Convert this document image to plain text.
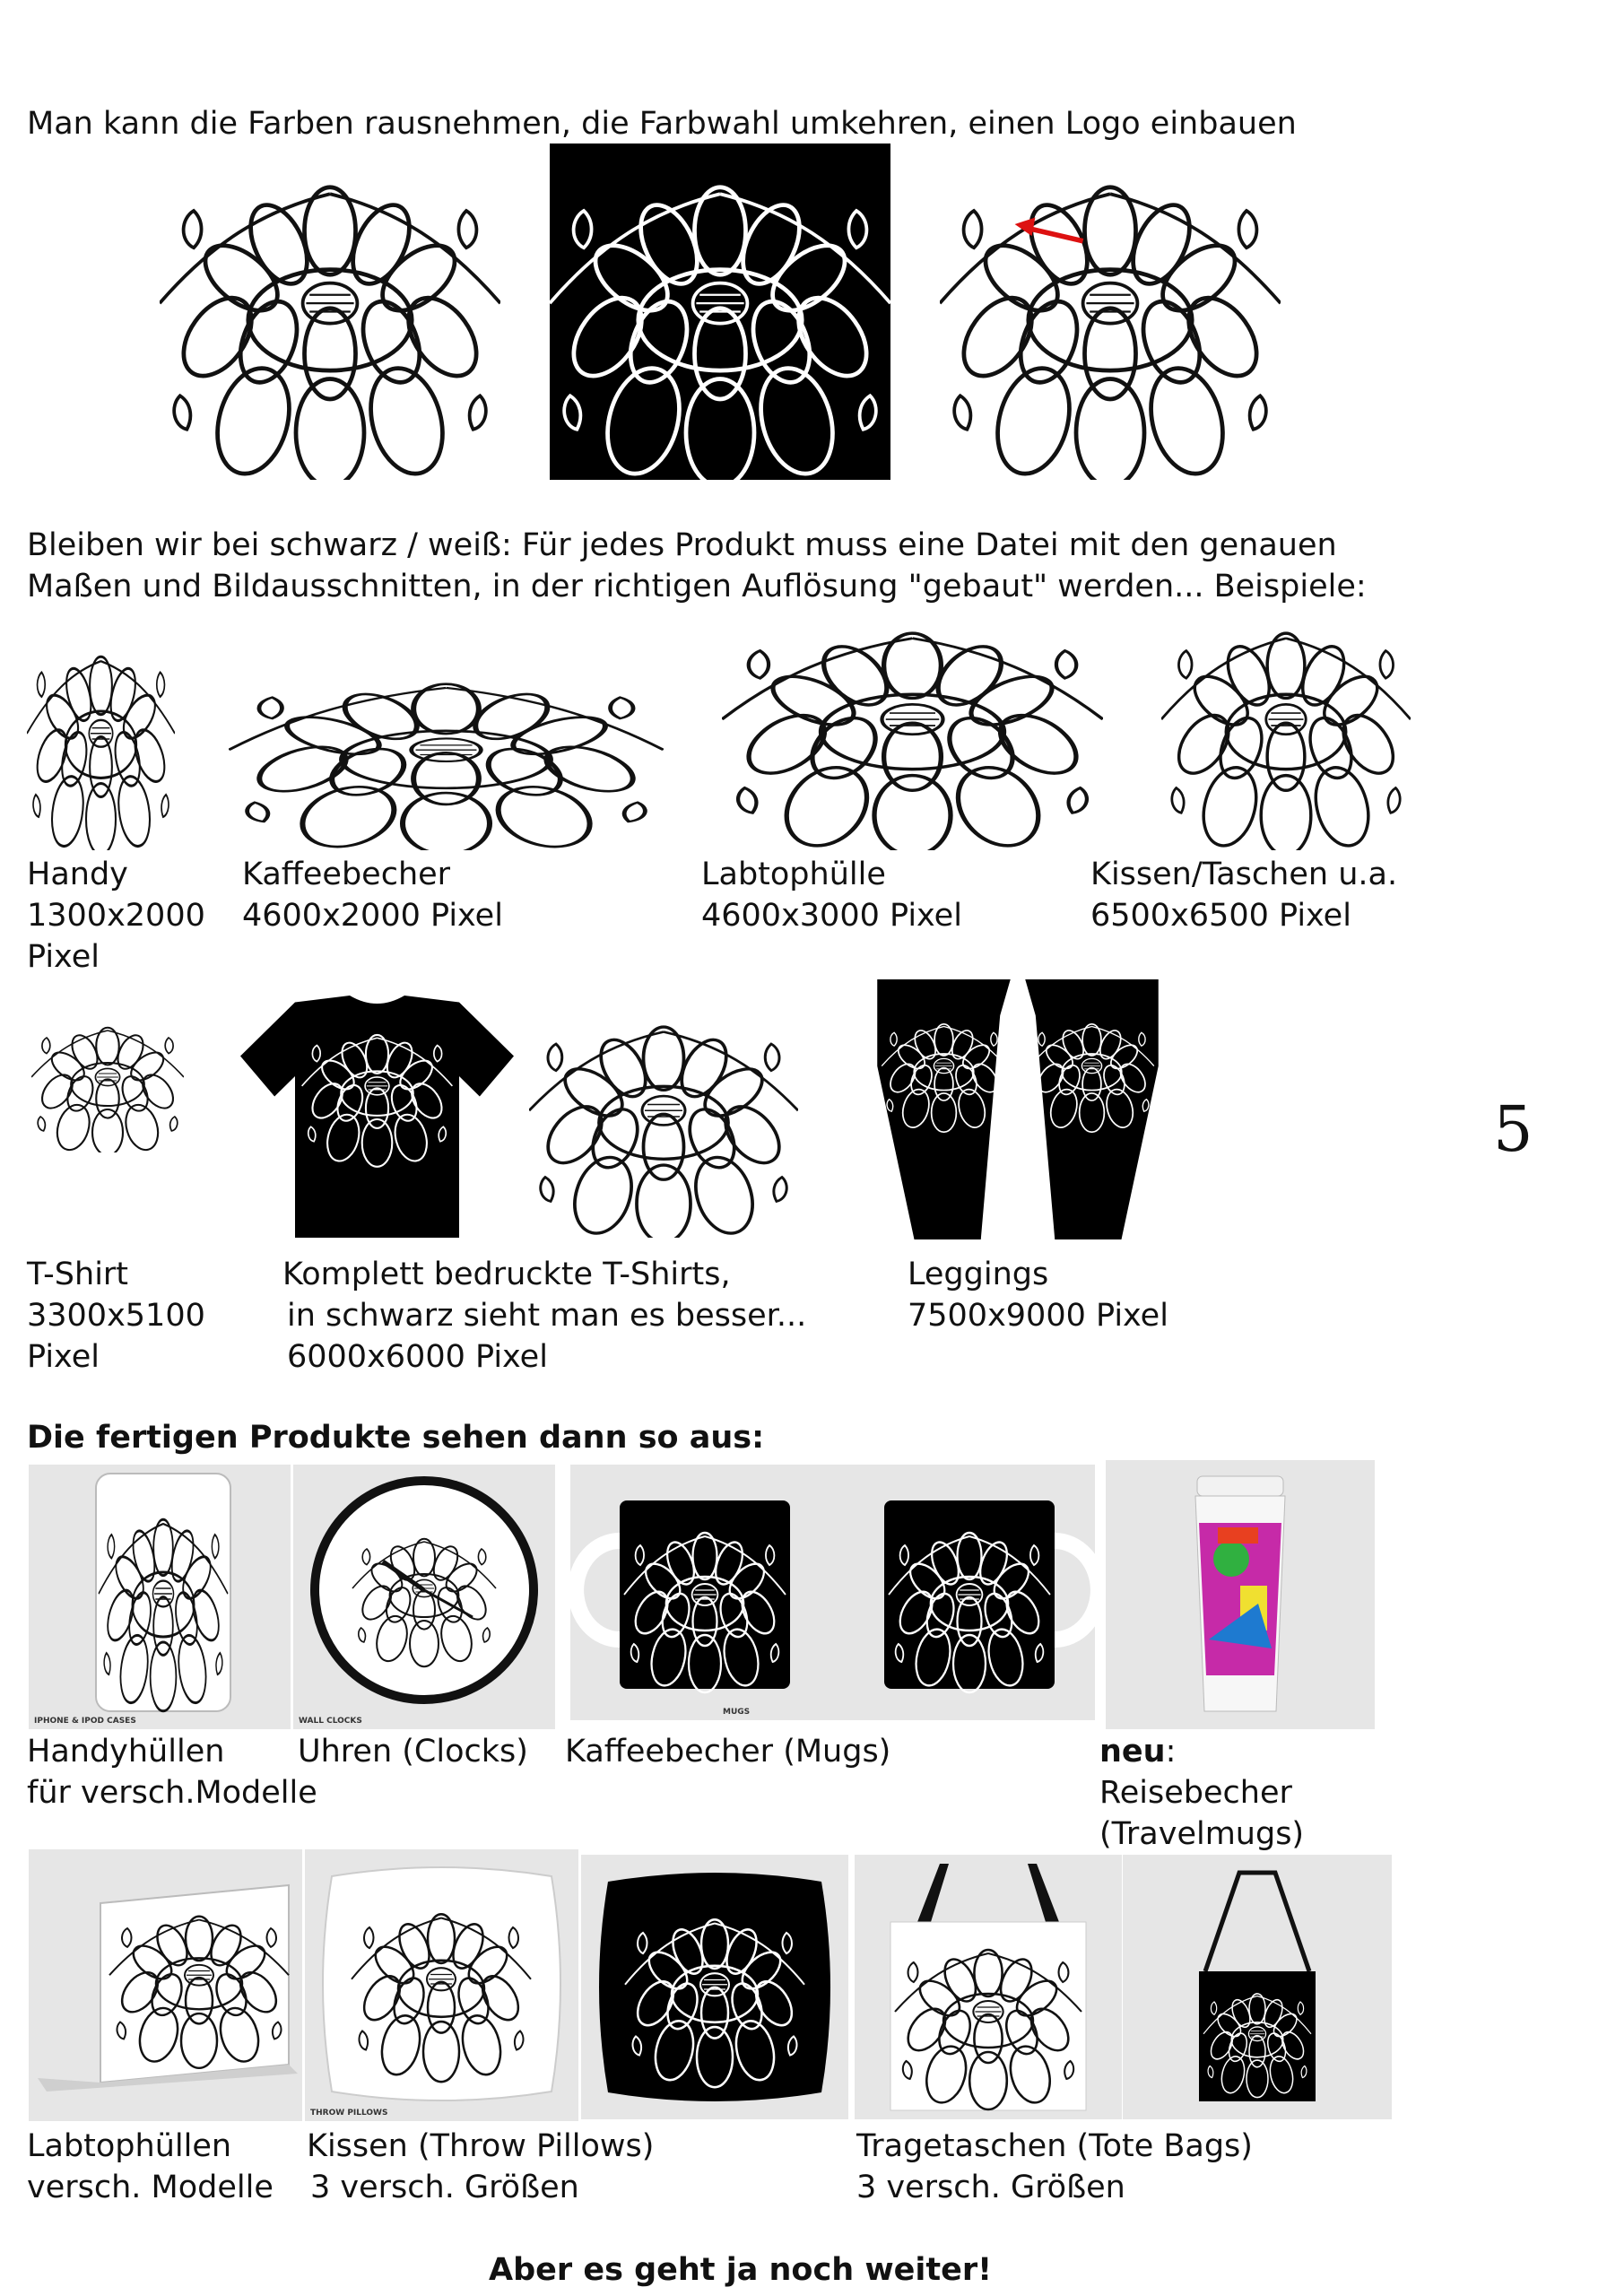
Man kann die Farben rausnehmen, die Farbwahl umkehren, einen Logo einbauen
Bleiben wir bei schwarz / weiß: Für jedes Produkt muss eine Datei mit den genauen
Maßen und Bildausschnitten, in der richtigen Auflösung "gebaut" werden... Beispiele:
Handy
1300x2000
Pixel
Kaffeebecher
4600x2000 Pixel
Labtophülle
4600x3000 Pixel
Kissen/Taschen u.a.
6500x6500 Pixel
5
T-Shirt
3300x5100
Pixel
Komplett bedruckte T-Shirts,
in schwarz sieht man es besser...
6000x6000 Pixel
Leggings
7500x9000 Pixel
Die fertigen Produkte sehen dann so aus:
IPHONE & IPOD CASES	WALL CLOCKS
MUGS
Handyhüllen
für versch.Modelle
Uhren (Clocks) Kaffeebecher (Mugs)	neu:
Reisebecher
(Travelmugs)
THROW PILLOWS
Labtophüllen
versch. Modelle
Kissen (Throw Pillows)
3 versch. Größen
Tragetaschen (Tote Bags)
3 versch. Größen
Aber es geht ja noch weiter!
